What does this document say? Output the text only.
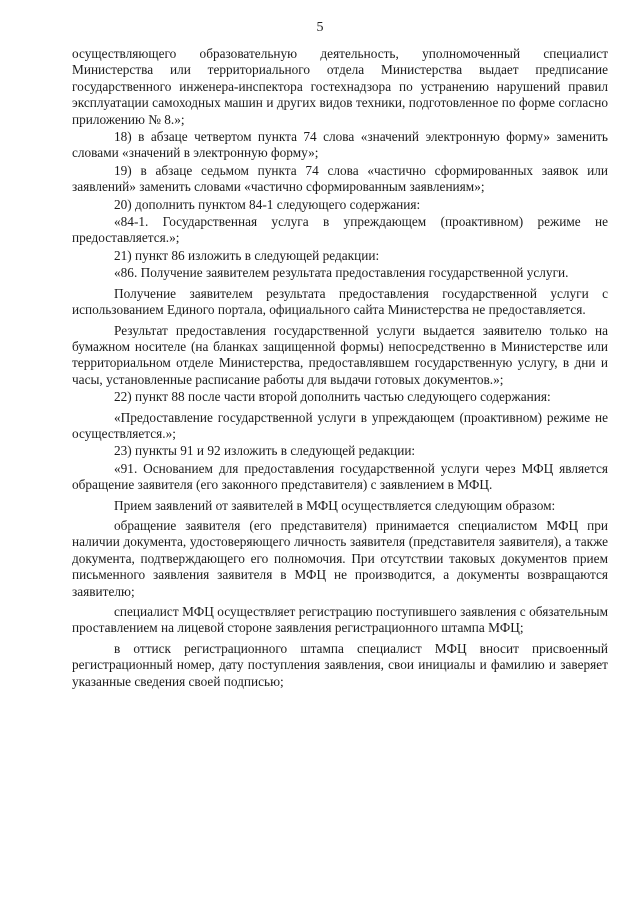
5

осуществляющего образовательную деятельность, уполномоченный специалист Министерства или территориального отдела Министерства выдает предписание государственного инженера-инспектора гостехнадзора по устранению нарушений правил эксплуатации самоходных машин и других видов техники, подготовленное по форме согласно приложению № 8.»;

18) в абзаце четвертом пункта 74 слова «значений электронную форму» заменить словами «значений в электронную форму»;

19) в абзаце седьмом пункта 74 слова «частично сформированных заявок или заявлений» заменить словами «частично сформированным заявлениям»;

20) дополнить пунктом 84-1 следующего содержания:

«84-1. Государственная услуга в упреждающем (проактивном) режиме не предоставляется.»;

21) пункт 86 изложить в следующей редакции:

«86. Получение заявителем результата предоставления государственной услуги.

Получение заявителем результата предоставления государственной услуги с использованием Единого портала, официального сайта Министерства не предоставляется.

Результат предоставления государственной услуги выдается заявителю только на бумажном носителе (на бланках защищенной формы) непосредственно в Министерстве или территориальном отделе Министерства, предоставлявшем государственную услугу, в дни и часы, установленные расписание работы для выдачи готовых документов.»;

22) пункт 88 после части второй дополнить частью следующего содержания:

«Предоставление государственной услуги в упреждающем (проактивном) режиме не осуществляется.»;

23) пункты 91 и 92 изложить в следующей редакции:

«91. Основанием для предоставления государственной услуги через МФЦ является обращение заявителя (его законного представителя) с заявлением в МФЦ.

Прием заявлений от заявителей в МФЦ осуществляется следующим образом:

обращение заявителя (его представителя) принимается специалистом МФЦ при наличии документа, удостоверяющего личность заявителя (представителя заявителя), а также документа, подтверждающего его полномочия. При отсутствии таковых документов прием письменного заявления заявителя в МФЦ не производится, а документы возвращаются заявителю;

специалист МФЦ осуществляет регистрацию поступившего заявления с обязательным проставлением на лицевой стороне заявления регистрационного штампа МФЦ;

в оттиск регистрационного штампа специалист МФЦ вносит присвоенный регистрационный номер, дату поступления заявления, свои инициалы и фамилию и заверяет указанные сведения своей подписью;
